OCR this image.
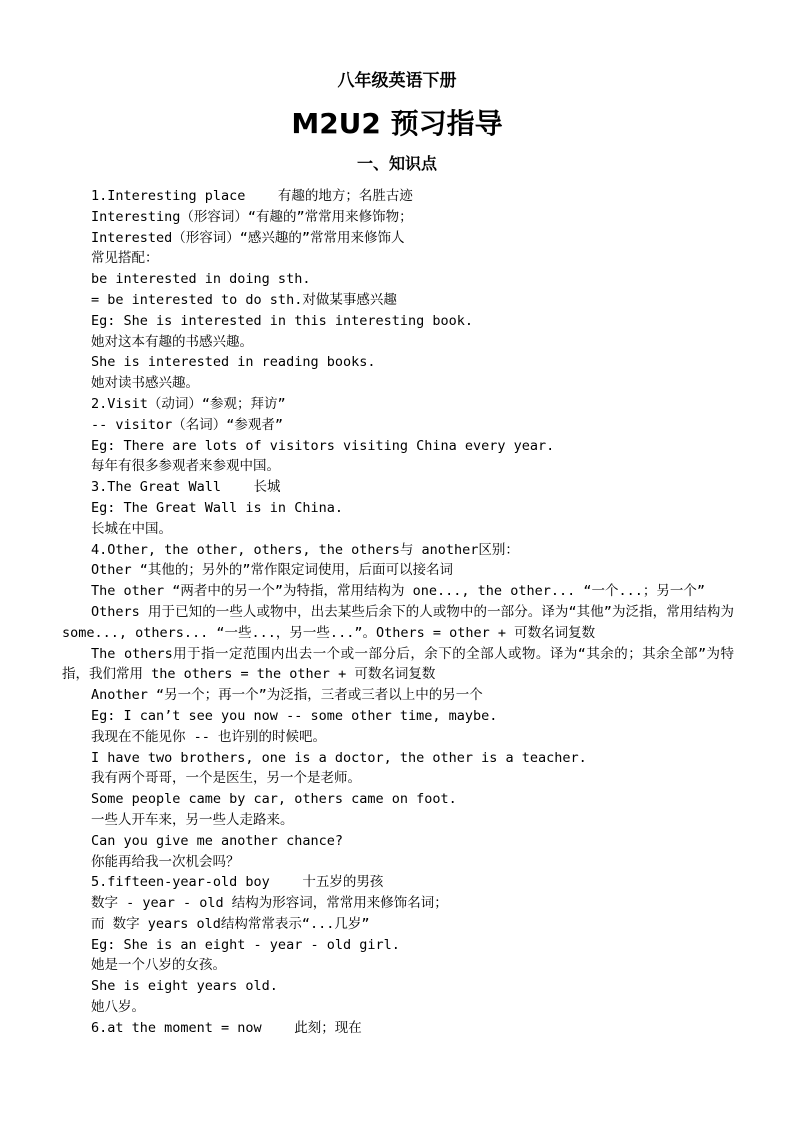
八年级英语下册
M2U2 预习指导
一、知识点
1.Interesting place    有趣的地方；名胜古迹
Interesting（形容词）“有趣的”常常用来修饰物；
Interested（形容词）“感兴趣的”常常用来修饰人
常见搭配：
be interested in doing sth.
= be interested to do sth.对做某事感兴趣
Eg: She is interested in this interesting book.
她对这本有趣的书感兴趣。
She is interested in reading books.
她对读书感兴趣。
2.Visit（动词）“参观；拜访”
-- visitor（名词）“参观者”
Eg: There are lots of visitors visiting China every year.
每年有很多参观者来参观中国。
3.The Great Wall    长城
Eg: The Great Wall is in China.
长城在中国。
4.Other, the other, others, the others与 another区别：
Other “其他的；另外的”常作限定词使用，后面可以接名词
The other “两者中的另一个”为特指，常用结构为 one..., the other... “一个...；另一个”
Others 用于已知的一些人或物中，出去某些后余下的人或物中的一部分。译为“其他”为泛指，常用结构为 some..., others... “一些...，另一些...”。Others = other + 可数名词复数
The others用于指一定范围内出去一个或一部分后，余下的全部人或物。译为“其余的；其余全部”为特指，我们常用 the others = the other + 可数名词复数
Another “另一个；再一个”为泛指，三者或三者以上中的另一个
Eg: I can’t see you now -- some other time, maybe.
我现在不能见你 -- 也许别的时候吧。
I have two brothers, one is a doctor, the other is a teacher.
我有两个哥哥，一个是医生，另一个是老师。
Some people came by car, others came on foot.
一些人开车来，另一些人走路来。
Can you give me another chance?
你能再给我一次机会吗？
5.fifteen-year-old boy    十五岁的男孩
数字 - year - old 结构为形容词，常常用来修饰名词；
而 数字 years old结构常常表示“...几岁”
Eg: She is an eight - year - old girl.
她是一个八岁的女孩。
She is eight years old.
她八岁。
6.at the moment = now    此刻；现在
